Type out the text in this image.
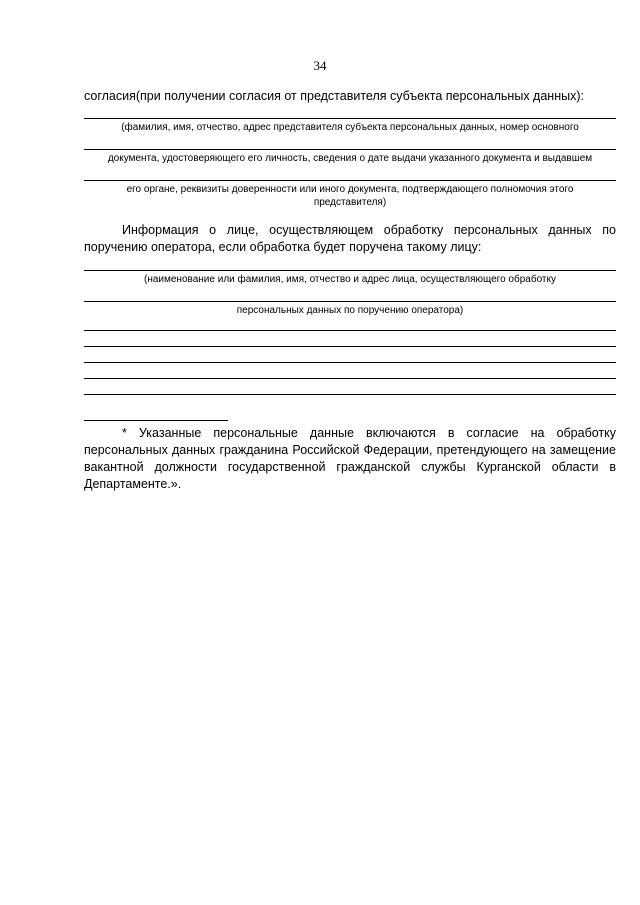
34
согласия(при получении согласия от представителя субъекта персональных данных):
(фамилия, имя, отчество, адрес представителя субъекта персональных данных, номер основного
документа, удостоверяющего его личность, сведения о дате выдачи указанного документа и выдавшем
его органе, реквизиты доверенности или иного документа, подтверждающего полномочия этого представителя)
Информация о лице, осуществляющем обработку персональных данных по поручению оператора, если обработка будет поручена такому лицу:
(наименование или фамилия, имя, отчество и адрес лица, осуществляющего обработку
персональных данных по поручению оператора)
* Указанные персональные данные включаются в согласие на обработку персональных данных гражданина Российской Федерации, претендующего на замещение вакантной должности государственной гражданской службы Курганской области в Департаменте.».
